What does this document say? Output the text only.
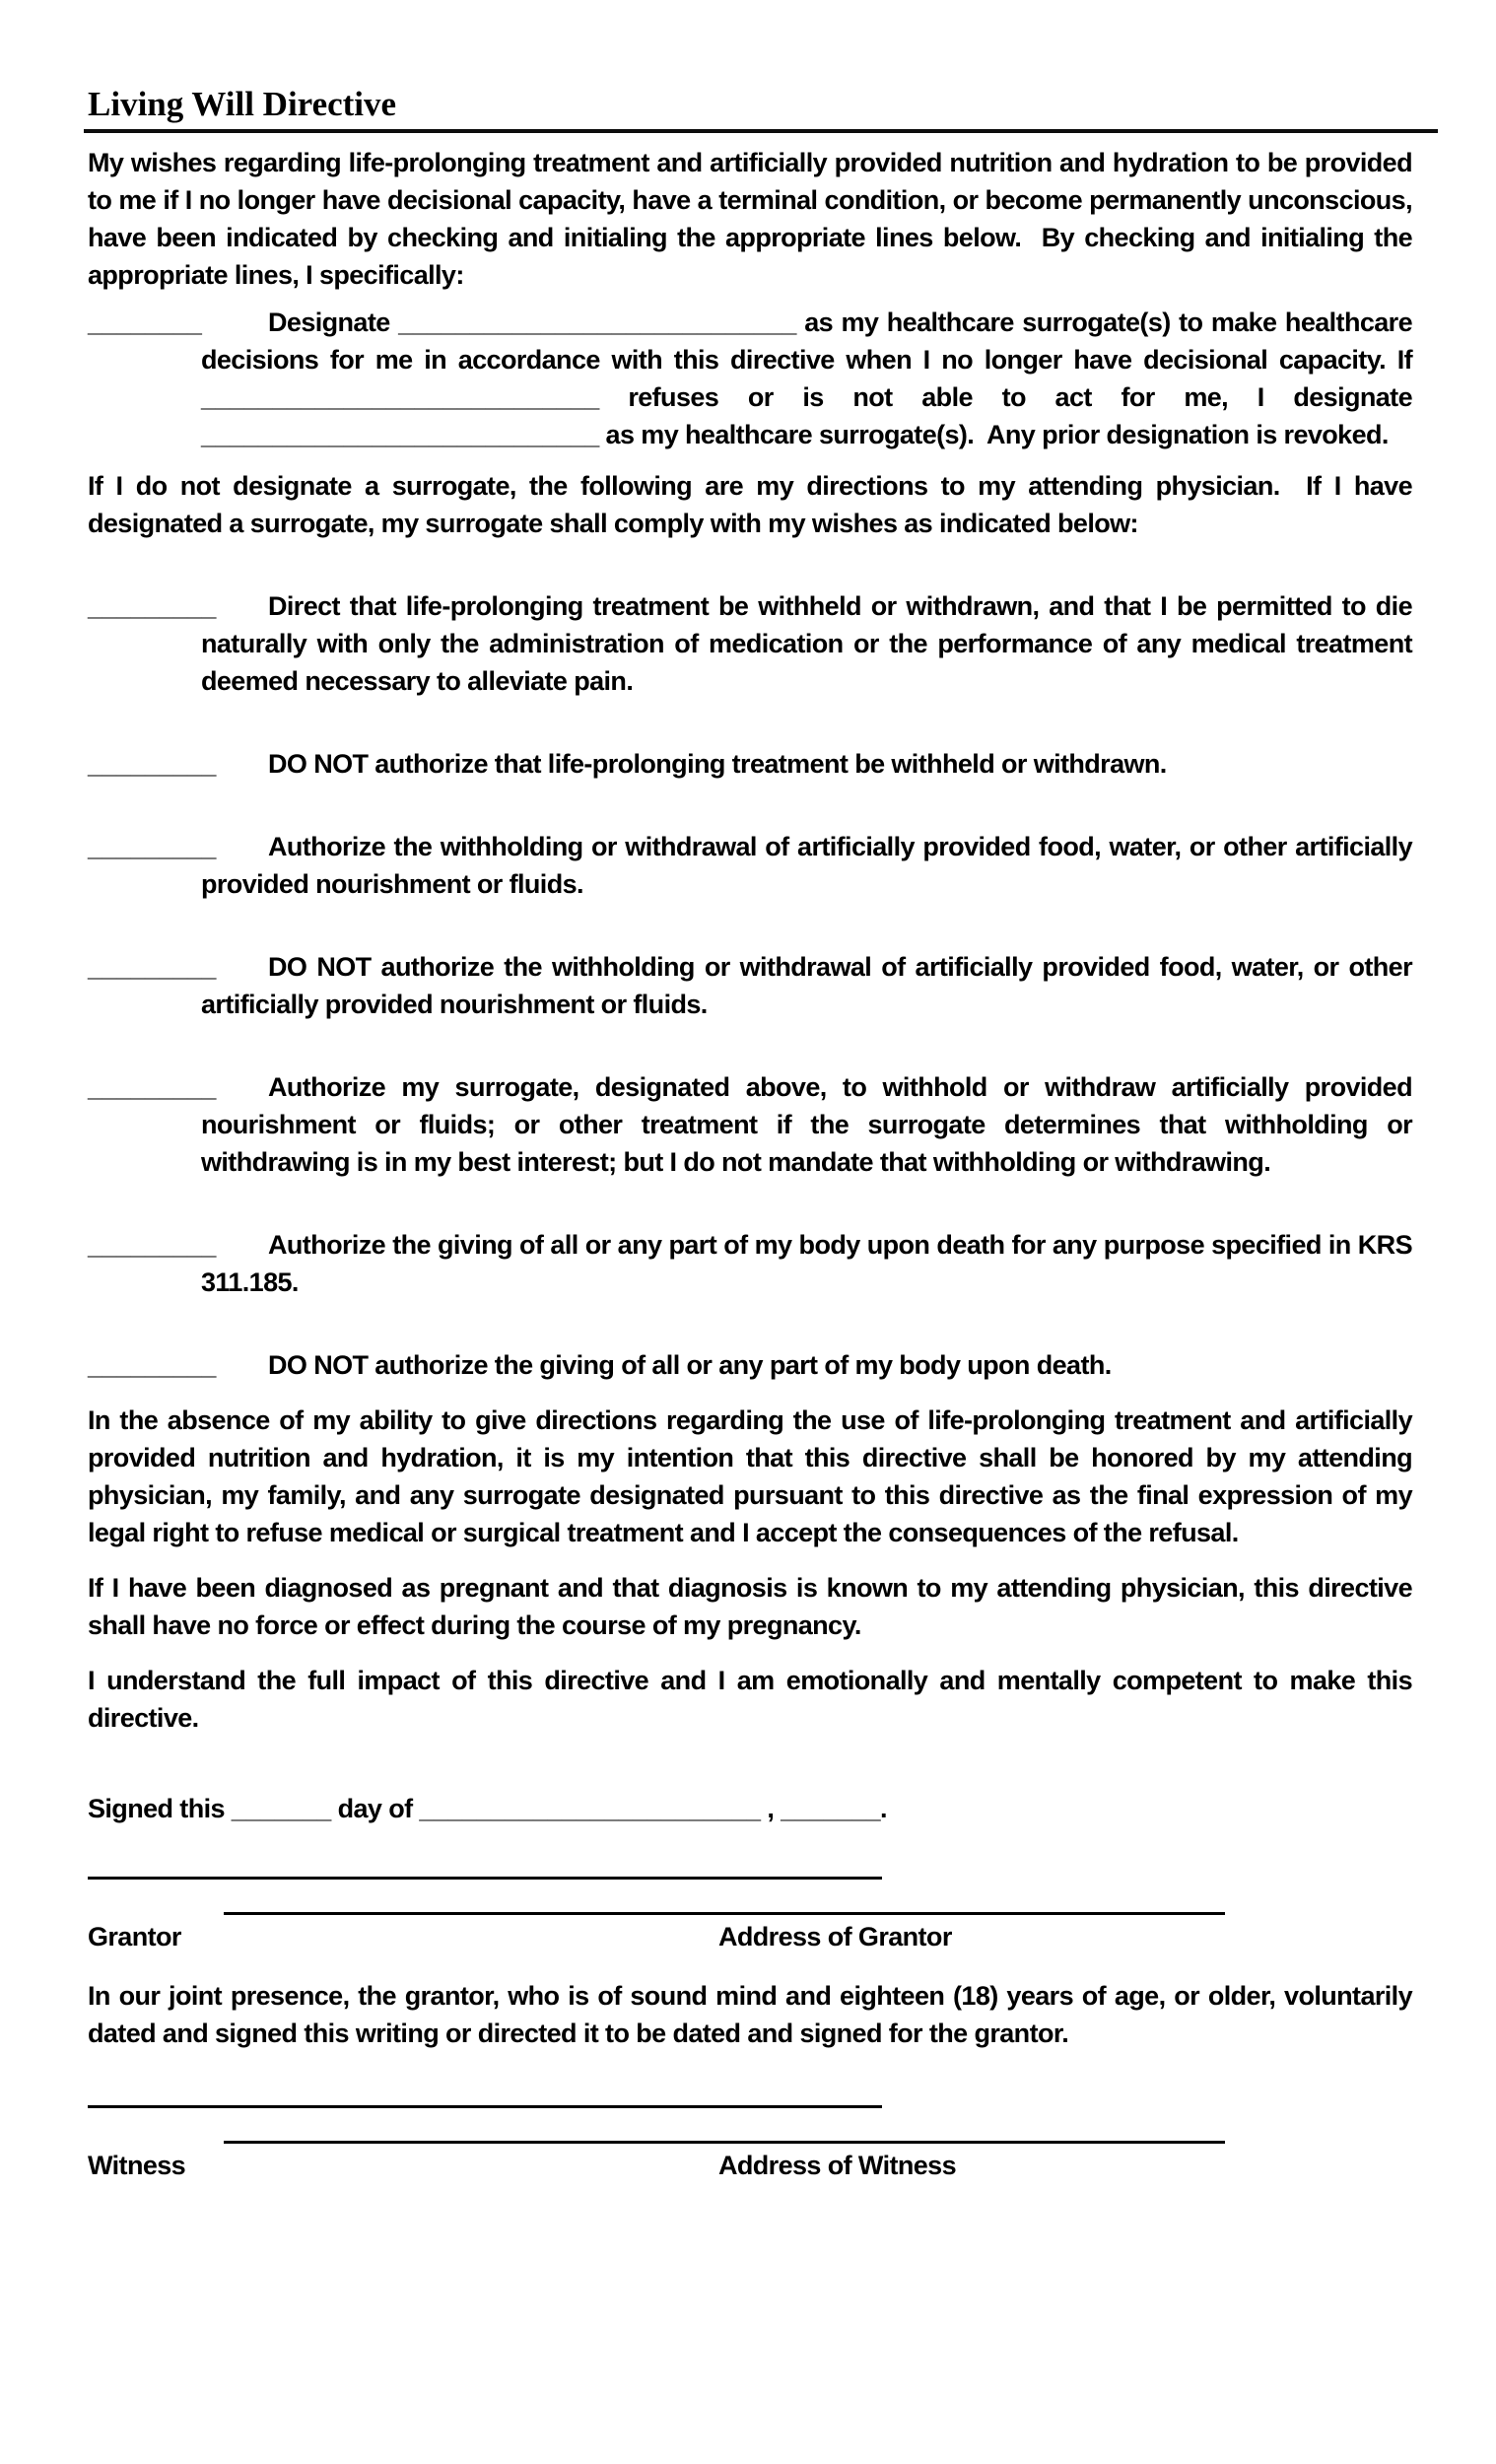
Living Will Directive

My wishes regarding life-prolonging treatment and artificially provided nutrition and hydration to be provided to me if I no longer have decisional capacity, have a terminal condition, or become permanently unconscious, have been indicated by checking and initialing the appropriate lines below.  By checking and initialing the appropriate lines, I specifically:

________	Designate ____________________________ as my healthcare surrogate(s) to make healthcare decisions for me in accordance with this directive when I no longer have decisional capacity. If ____________________________ refuses or is not able to act for me, I designate ____________________________ as my healthcare surrogate(s).  Any prior designation is revoked.

If I do not designate a surrogate, the following are my directions to my attending physician.  If I have designated a surrogate, my surrogate shall comply with my wishes as indicated below:

_________ Direct that life-prolonging treatment be withheld or withdrawn, and that I be permitted to die naturally with only the administration of medication or the performance of any medical treatment deemed necessary to alleviate pain.
_________ DO NOT authorize that life-prolonging treatment be withheld or withdrawn.
_________ Authorize the withholding or withdrawal of artificially provided food, water, or other artificially provided nourishment or fluids.
_________ DO NOT authorize the withholding or withdrawal of artificially provided food, water, or other artificially provided nourishment or fluids.
_________ Authorize my surrogate, designated above, to withhold or withdraw artificially provided nourishment or fluids; or other treatment if the surrogate determines that withholding or withdrawing is in my best interest; but I do not mandate that withholding or withdrawing.
_________ Authorize the giving of all or any part of my body upon death for any purpose specified in KRS 311.185.
_________ DO NOT authorize the giving of all or any part of my body upon death.

In the absence of my ability to give directions regarding the use of life-prolonging treatment and artificially provided nutrition and hydration, it is my intention that this directive shall be honored by my attending physician, my family, and any surrogate designated pursuant to this directive as the final expression of my legal right to refuse medical or surgical treatment and I accept the consequences of the refusal.

If I have been diagnosed as pregnant and that diagnosis is known to my attending physician, this directive shall have no force or effect during the course of my pregnancy.

I understand the full impact of this directive and I am emotionally and mentally competent to make this directive.

Signed this _______ day of ________________________ , _______.

Grantor	Address of Grantor

In our joint presence, the grantor, who is of sound mind and eighteen (18) years of age, or older, voluntarily dated and signed this writing or directed it to be dated and signed for the grantor.

Witness	Address of Witness
